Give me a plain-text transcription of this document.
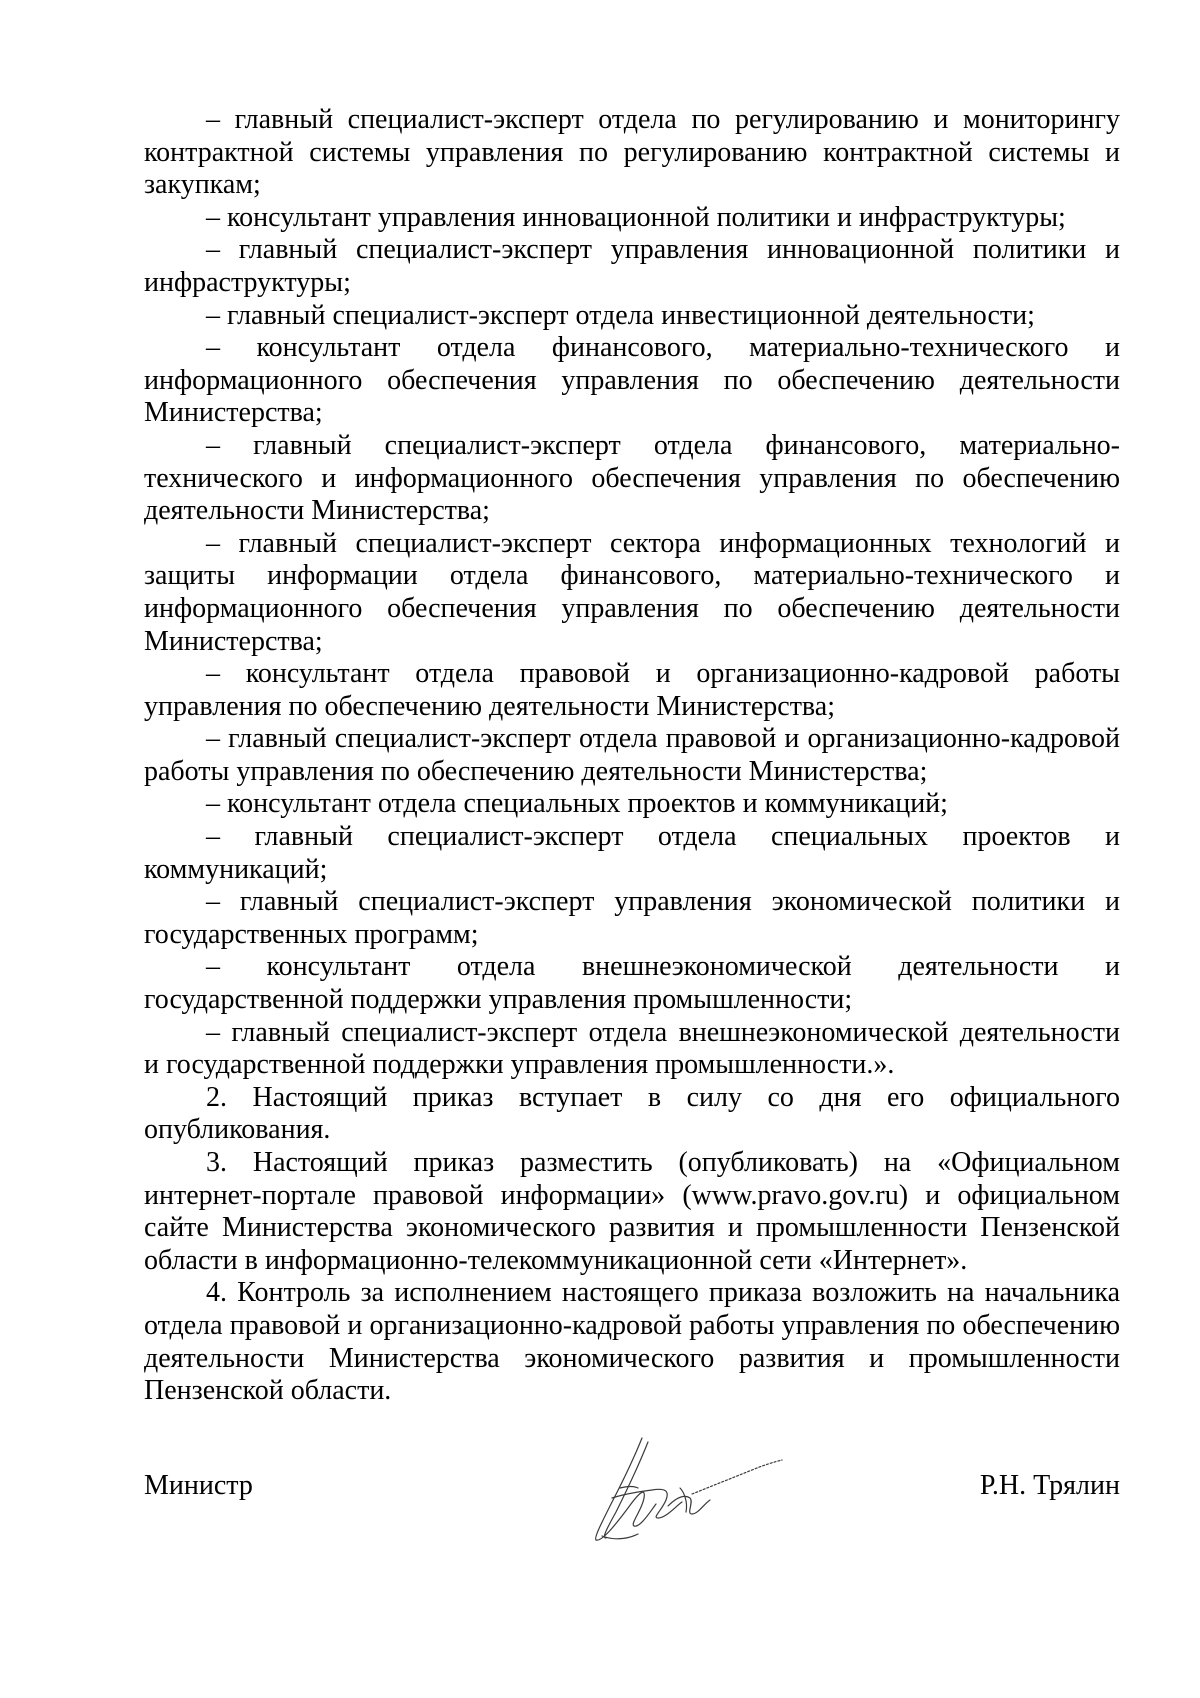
– главный специалист-эксперт отдела по регулированию и мониторингу контрактной системы управления по регулированию контрактной системы и закупкам;

– консультант управления инновационной политики и инфраструктуры;

– главный специалист-эксперт управления инновационной политики и инфраструктуры;

– главный специалист-эксперт отдела инвестиционной деятельности;

– консультант отдела финансового, материально-технического и информационного обеспечения управления по обеспечению деятельности Министерства;

– главный специалист-эксперт отдела финансового, материально-технического и информационного обеспечения управления по обеспечению деятельности Министерства;

– главный специалист-эксперт сектора информационных технологий и защиты информации отдела финансового, материально-технического и информационного обеспечения управления по обеспечению деятельности Министерства;

– консультант отдела правовой и организационно-кадровой работы управления по обеспечению деятельности Министерства;

– главный специалист-эксперт отдела правовой и организационно-кадровой работы управления по обеспечению деятельности Министерства;

– консультант отдела специальных проектов и коммуникаций;

– главный специалист-эксперт отдела специальных проектов и коммуникаций;

– главный специалист-эксперт управления экономической политики и государственных программ;

– консультант отдела внешнеэкономической деятельности и государственной поддержки управления промышленности;

– главный специалист-эксперт отдела внешнеэкономической деятельности и государственной поддержки управления промышленности.».

2. Настоящий приказ вступает в силу со дня его официального опубликования.

3. Настоящий приказ разместить (опубликовать) на «Официальном интернет-портале правовой информации» (www.pravo.gov.ru) и официальном сайте Министерства экономического развития и промышленности Пензенской области в информационно-телекоммуникационной сети «Интернет».

4. Контроль за исполнением настоящего приказа возложить на начальника отдела правовой и организационно-кадровой работы управления по обеспечению деятельности Министерства экономического развития и промышленности Пензенской области.

Министр	Р.Н. Трялин
